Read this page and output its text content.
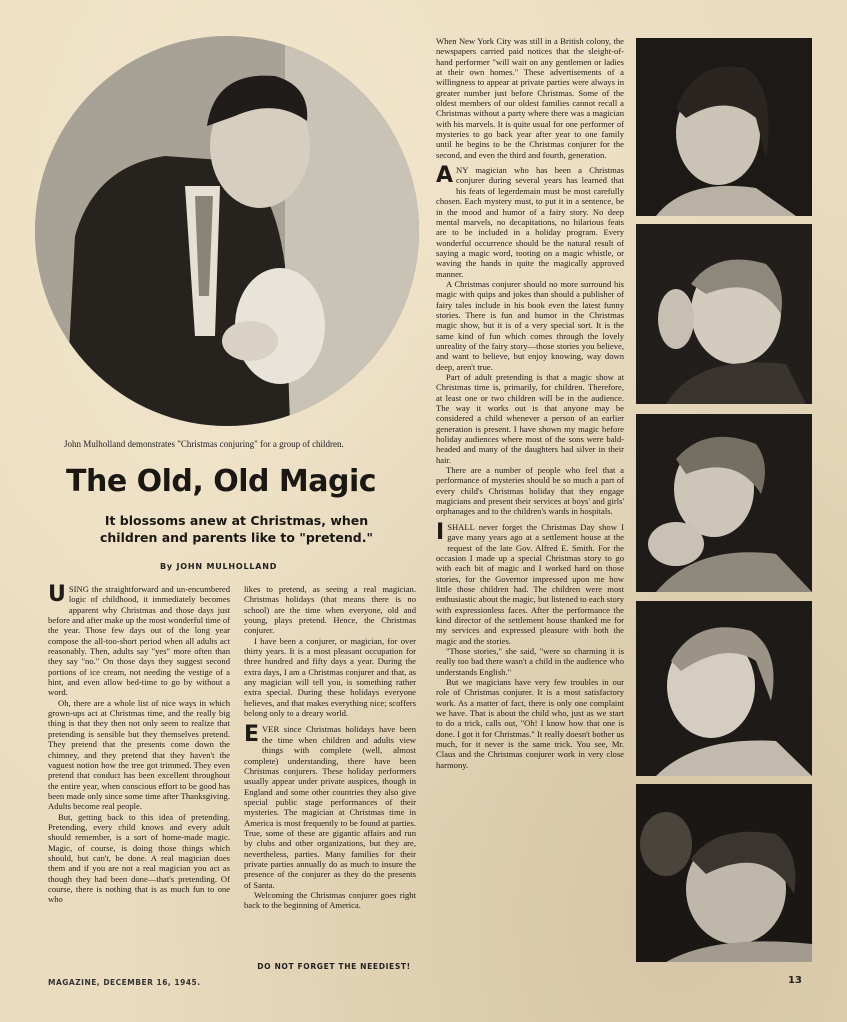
John Mulholland demonstrates "Christmas conjuring" for a group of children.
The Old, Old Magic
It blossoms anew at Christmas, when children and parents like to "pretend."
By JOHN MULHOLLAND

USING the straightforward and un-encumbered logic of childhood, it immediately becomes apparent why Christmas and those days just before and after make up the most wonderful time of the year. Those few days out of the long year compose the all-too-short period when all adults act reasonably. Then, adults say "yes" more often than they say "no." On those days they suggest second portions of ice cream, not needing the vestige of a hint, and even allow bed-time to go by without a word.

Oh, there are a whole list of nice ways in which grown-ups act at Christmas time, and the really big thing is that they then not only seem to realize that pretending is sensible but they themselves pretend. They pretend that the presents come down the chimney, and they pretend that they haven't the vaguest notion how the tree got trimmed. They even pretend that conduct has been excellent throughout the entire year, when conscious effort to be good has been made only since some time after Thanksgiving. Adults become real people.

But, getting back to this idea of pretending. Pretending, every child knows and every adult should remember, is a sort of home-made magic. Magic, of course, is doing those things which should, but can't, be done. A real magician does them and if you are not a real magician you act as though they had been done—that's pretending. Of course, there is nothing that is as much fun to one who

likes to pretend, as seeing a real magician. Christmas holidays (that means there is no school) are the time when everyone, old and young, plays pretend. Hence, the Christmas conjurer.

I have been a conjurer, or magician, for over thirty years. It is a most pleasant occupation for three hundred and fifty days a year. During the extra days, I am a Christmas conjurer and that, as any magician will tell you, is something rather extra special. During these holidays everyone believes, and that makes everything nice; scoffers belong only to a dreary world.

EVER since Christmas holidays have been the time when children and adults view things with complete (well, almost complete) understanding, there have been Christmas conjurers. These holiday performers usually appear under private auspices, though in England and some other countries they also give special public stage performances of their mysteries. The magician at Christmas time in America is most frequently to be found at parties. True, some of these are gigantic affairs and run by clubs and other organizations, but they are, nevertheless, parties. Many families for their private parties annually do as much to insure the presence of the conjurer as they do the presents of Santa.

Welcoming the Christmas conjurer goes right back to the beginning of America.

DO NOT FORGET THE NEEDIEST!

When New York City was still in a British colony, the newspapers carried paid notices that the sleight-of-hand performer "will wait on any gentlemen or ladies at their own homes." These advertisements of a willingness to appear at private parties were always in greater number just before Christmas. Some of the oldest members of our oldest families cannot recall a Christmas without a party where there was a magician with his marvels. It is quite usual for one performer of mysteries to go back year after year to one family until he begins to be the Christmas conjurer for the second, and even the third and fourth, generation.

ANY magician who has been a Christmas conjurer during several years has learned that his feats of legerdemain must be most carefully chosen. Each mystery must, to put it in a sentence, be in the mood and humor of a fairy story. No deep mental marvels, no decapitations, no hilarious feats are to be included in a holiday program. Every wonderful occurrence should be the natural result of saying a magic word, tooting on a magic whistle, or waving the hands in quite the magically approved manner.

A Christmas conjurer should no more surround his magic with quips and jokes than should a publisher of fairy tales include in his book even the latest funny stories. There is fun and humor in the Christmas magic show, but it is of a very special sort. It is the same kind of fun which comes through the lovely unreality of the fairy story—those stories you believe, and want to believe, but enjoy knowing, way down deep, aren't true.

Part of adult pretending is that a magic show at Christmas time is, primarily, for children. Therefore, at least one or two children will be in the audience. The way it works out is that anyone may be considered a child whenever a person of an earlier generation is present. I have shown my magic before holiday audiences where most of the sons were bald-headed and many of the daughters had silver in their hair.

There are a number of people who feel that a performance of mysteries should be so much a part of every child's Christmas holiday that they engage magicians and present their services at boys' and girls' orphanages and to the children's wards in hospitals.

ISHALL never forget the Christmas Day show I gave many years ago at a settlement house at the request of the late Gov. Alfred E. Smith. For the occasion I made up a special Christmas story to go with each bit of magic and I worked hard on those stories, for the Governor impressed upon me how little those children had. The children were most enthusiastic about the magic, but listened to each story with expressionless faces. After the performance the kind director of the settlement house thanked me for my services and expressed pleasure with both the magic and the stories.

"Those stories," she said, "were so charming it is really too bad there wasn't a child in the audience who understands English."

But we magicians have very few troubles in our role of Christmas conjurer. It is a most satisfactory work. As a matter of fact, there is only one complaint we have. That is about the child who, just as we start to do a trick, calls out, "Oh! I know how that one is done. I got it for Christmas." It really doesn't bother us much, for it never is the same trick. You see, Mr. Claus and the Christmas conjurer work in very close harmony.

MAGAZINE, DECEMBER 16, 1945.	13
